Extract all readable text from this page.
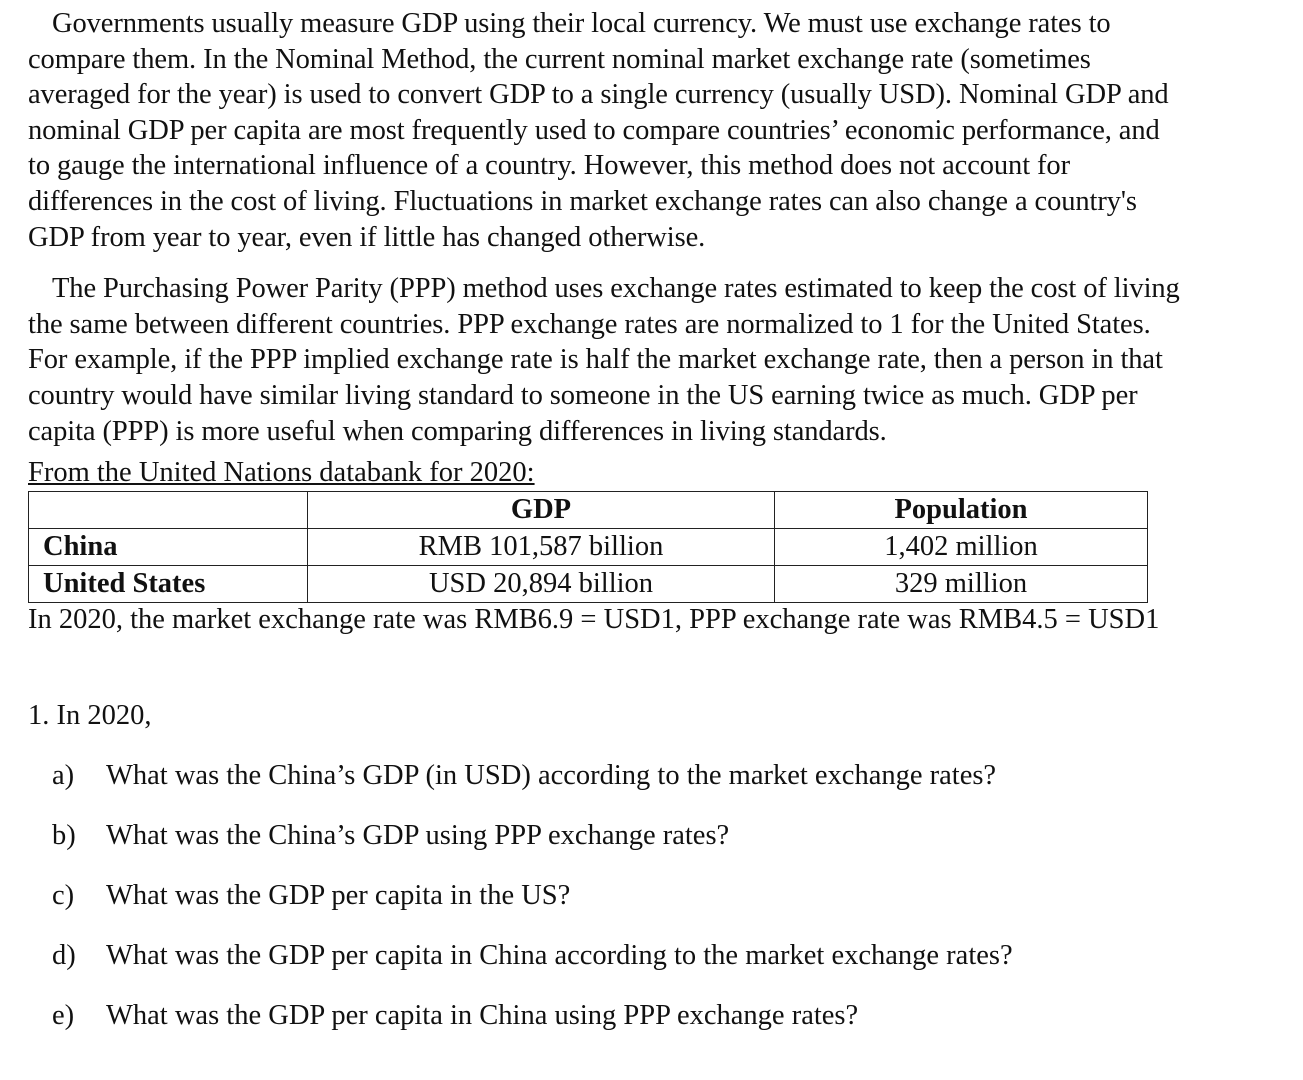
Governments usually measure GDP using their local currency. We must use exchange rates to
compare them. In the Nominal Method, the current nominal market exchange rate (sometimes
averaged for the year) is used to convert GDP to a single currency (usually USD). Nominal GDP and
nominal GDP per capita are most frequently used to compare countries’ economic performance, and
to gauge the international influence of a country. However, this method does not account for
differences in the cost of living. Fluctuations in market exchange rates can also change a country's
GDP from year to year, even if little has changed otherwise.

The Purchasing Power Parity (PPP) method uses exchange rates estimated to keep the cost of living
the same between different countries. PPP exchange rates are normalized to 1 for the United States.
For example, if the PPP implied exchange rate is half the market exchange rate, then a person in that
country would have similar living standard to someone in the US earning twice as much. GDP per
capita (PPP) is more useful when comparing differences in living standards.

From the United Nations databank for 2020:

	GDP	Population
China	RMB 101,587 billion	1,402 million
United States	USD 20,894 billion	329 million

In 2020, the market exchange rate was RMB6.9 = USD1, PPP exchange rate was RMB4.5 = USD1

1. In 2020,
a)	What was the China’s GDP (in USD) according to the market exchange rates?
b)	What was the China’s GDP using PPP exchange rates?
c)	What was the GDP per capita in the US?
d)	What was the GDP per capita in China according to the market exchange rates?
e)	What was the GDP per capita in China using PPP exchange rates?
